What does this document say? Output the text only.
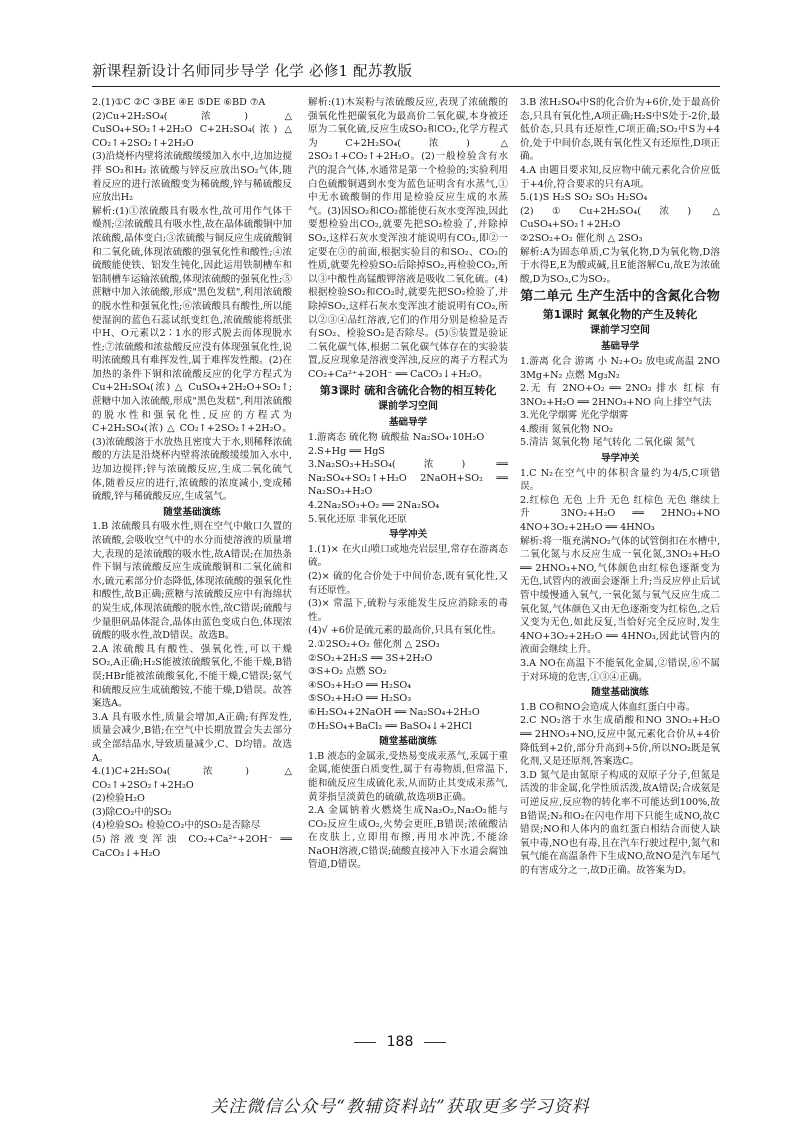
新课程新设计名师同步导学 化学 必修1 配苏教版

2.(1)①C ②C ③BE ④E ⑤DE ⑥BD ⑦A

(2)Cu+2H₂SO₄(浓) △ CuSO₄+SO₂↑+2H₂O C+2H₂SO₄(浓) △ CO₂↑+2SO₂↑+2H₂O

(3)沿烧杯内壁将浓硫酸缓缓加入水中,边加边搅拌 SO₂和H₂ 浓硫酸与锌反应放出SO₂气体,随着反应的进行浓硫酸变为稀硫酸,锌与稀硫酸反应放出H₂

解析:(1)①浓硫酸具有吸水性,故可用作气体干燥剂;②浓硫酸具有吸水性,故在晶体硫酸铜中加浓硫酸,晶体变白;③浓硫酸与铜反应生成硫酸铜和二氧化硫,体现浓硫酸的强氧化性和酸性;④浓硫酸能使铁、铝发生钝化,因此运用铁制槽车和铝制槽车运输浓硫酸,体现浓硫酸的强氧化性;⑤蔗糖中加入浓硫酸,形成"黑色发糕",利用浓硫酸的脱水性和强氧化性;⑥浓硫酸具有酸性,所以能使湿润的蓝色石蕊试纸变红色,浓硫酸能将纸张中H、O元素以2∶1水的形式脱去而体现脱水性;⑦浓硫酸和浓盐酸反应没有体现强氧化性,说明浓硫酸具有难挥发性,属于难挥发性酸。(2)在加热的条件下铜和浓硫酸反应的化学方程式为Cu+2H₂SO₄(浓) △ CuSO₄+2H₂O+SO₂↑;蔗糖中加入浓硫酸,形成"黑色发糕",利用浓硫酸的脱水性和强氧化性,反应的方程式为C+2H₂SO₄(浓) △ CO₂↑+2SO₂↑+2H₂O。(3)浓硫酸溶于水放热且密度大于水,则稀释浓硫酸的方法是沿烧杯内壁将浓硫酸缓缓加入水中,边加边搅拌;锌与浓硫酸反应,生成二氧化硫气体,随着反应的进行,浓硫酸的浓度减小,变成稀硫酸,锌与稀硫酸反应,生成氢气。

随堂基础演练

1.B 浓硫酸具有吸水性,则在空气中敞口久置的浓硫酸,会吸收空气中的水分而使溶液的质量增大,表现的是浓硫酸的吸水性,故A错误;在加热条件下铜与浓硫酸反应生成硫酸铜和二氧化硫和水,硫元素部分价态降低,体现浓硫酸的强氧化性和酸性,故B正确;蔗糖与浓硫酸反应中有海绵状的炭生成,体现浓硫酸的脱水性,故C错误;硫酸与少量胆矾晶体混合,晶体由蓝色变成白色,体现浓硫酸的吸水性,故D错误。故选B。

2.A 浓硫酸具有酸性、强氧化性,可以干燥SO₂,A正确;H₂S能被浓硫酸氧化,不能干燥,B错误;HBr能被浓硫酸氧化,不能干燥,C错误;氨气和硫酸反应生成硫酸铵,不能干燥,D错误。故答案选A。

3.A 具有吸水性,质量会增加,A正确;有挥发性,质量会减少,B错;在空气中长期放置会失去部分或全部结晶水,导致质量减少,C、D均错。故选A。

4.(1)C+2H₂SO₄(浓) △ CO₂↑+2SO₂↑+2H₂O

(2)检验H₂O

(3)除CO₂中的SO₂

(4)检验SO₂ 检验CO₂中的SO₂是否除尽

(5)溶液变浑浊 CO₂+Ca²⁺+2OH⁻ ══ CaCO₃↓+H₂O

解析:(1)木炭粉与浓硫酸反应,表现了浓硫酸的强氧化性把碳氧化为最高价二氧化碳,本身被还原为二氧化硫,反应生成SO₂和CO₂,化学方程式为C+2H₂SO₄(浓) △ 2SO₂↑+CO₂↑+2H₂O。(2)一般检验含有水汽的混合气体,水通常是第一个检验的;实验利用白色硫酸铜遇到水变为蓝色证明含有水蒸气,①中无水硫酸铜的作用是检验反应生成的水蒸气。(3)因SO₂和CO₂都能使石灰水变浑浊,因此要想检验出CO₂,就要先把SO₂检验了,并除掉SO₂,这样石灰水变浑浊才能说明有CO₂,即②一定要在③的前面,根据实验目的和SO₂、CO₂的性质,就要先检验SO₂后除掉SO₂,再检验CO₂,所以③中酸性高锰酸钾溶液是吸收二氧化硫。(4)根据检验SO₂和CO₂时,就要先把SO₂检验了,并除掉SO₂,这样石灰水变浑浊才能说明有CO₂,所以②③④品红溶液,它们的作用分别是检验是否有SO₂、检验SO₂是否除尽。(5)⑤装置是验证二氧化碳气体,根据二氧化碳气体存在的实验装置,反应现象是溶液变浑浊,反应的离子方程式为CO₂+Ca²⁺+2OH⁻ ══ CaCO₃↓+H₂O。

第3课时 硫和含硫化合物的相互转化

课前学习空间

基础导学

1.游离态 硫化物 硫酸盐 Na₂SO₄·10H₂O

2.S+Hg ══ HgS

3.Na₂SO₃+H₂SO₄(浓) ══ Na₂SO₄+SO₂↑+H₂O 2NaOH+SO₂ ══ Na₂SO₃+H₂O

4.2Na₂SO₃+O₂ ══ 2Na₂SO₄

5.氧化还原 非氧化还原

导学冲关

1.(1)× 在火山喷口或地壳岩层里,常存在游离态硫。

(2)× 硫的化合价处于中间价态,既有氧化性,又有还原性。

(3)× 常温下,硫粉与汞能发生反应消除汞的毒性。

(4)√ +6价是硫元素的最高价,只具有氧化性。

2.①2SO₂+O₂ 催化剂 △ 2SO₃

②SO₂+2H₂S ══ 3S+2H₂O

③S+O₂ 点燃 SO₂

④SO₃+H₂O ══ H₂SO₄

⑤SO₂+H₂O ══ H₂SO₃

⑥H₂SO₄+2NaOH ══ Na₂SO₄+2H₂O

⑦H₂SO₄+BaCl₂ ══ BaSO₄↓+2HCl

随堂基础演练

1.B 液态的金属汞,受热易变成汞蒸气,汞属于重金属,能使蛋白质变性,属于有毒物质,但常温下,能和硫反应生成硫化汞,从而防止其变成汞蒸气,黄芽指呈淡黄色的硫磺,故选项B正确。

2.A 金属钠着火燃烧生成Na₂O₂,Na₂O₂能与CO₂反应生成O₂,火势会更旺,B错误;浓硫酸沾在皮肤上,立即用布擦,再用水冲洗,不能涂NaOH溶液,C错误;硫酸直接冲入下水道会腐蚀管道,D错误。

3.B 浓H₂SO₄中S的化合价为+6价,处于最高价态,只具有氧化性,A项正确;H₂S中S处于-2价,最低价态,只具有还原性,C项正确;SO₂中S为+4价,处于中间价态,既有氧化性又有还原性,D项正确。

4.A 由题目要求知,反应物中硫元素化合价应低于+4价,符合要求的只有A项。

5.(1)S H₂S SO₂ SO₃ H₂SO₄

(2)①Cu+2H₂SO₄(浓) △ CuSO₄+SO₂↑+2H₂O

②2SO₂+O₂ 催化剂 △ 2SO₃

解析:A为固态单质,C为氧化物,D为氧化物,D溶于水得E,E为酸或碱,且E能溶解Cu,故E为浓硫酸,D为SO₃,C为SO₂。

第二单元 生产生活中的含氮化合物

第1课时 氮氧化物的产生及转化

课前学习空间

基础导学

1.游离 化合 游离 小 N₂+O₂ 放电或高温 2NO 3Mg+N₂ 点燃 Mg₃N₂

2.无 有 2NO+O₂ ══ 2NO₂ 排水 红棕 有 3NO₂+H₂O ══ 2HNO₃+NO 向上排空气法

3.光化学烟雾 光化学烟雾

4.酸雨 氮氧化物 NO₂

5.清洁 氮氧化物 尾气转化 二氧化碳 氮气

导学冲关

1.C N₂在空气中的体积含量约为4/5,C项错误。

2.红棕色 无色 上升 无色 红棕色 无色 继续上升 3NO₂+H₂O ══ 2HNO₃+NO 4NO+3O₂+2H₂O ══ 4HNO₃

解析:将一瓶充满NO₂气体的试管倒扣在水槽中,二氧化氮与水反应生成一氧化氮,3NO₂+H₂O ══ 2HNO₃+NO,气体颜色由红棕色逐渐变为无色,试管内的液面会逐渐上升;当反应停止后试管中缓慢通入氧气,一氧化氮与氧气反应生成二氧化氮,气体颜色又由无色逐渐变为红棕色,之后又变为无色,如此反复,当恰好完全反应时,发生4NO+3O₂+2H₂O ══ 4HNO₃,因此试管内的液面会继续上升。

3.A NO在高温下不能氧化金属,②错误,⑥不属于对环境的危害,①③④正确。

随堂基础演练

1.B CO和NO会造成人体血红蛋白中毒。

2.C NO₂溶于水生成硝酸和NO 3NO₂+H₂O ══ 2HNO₃+NO,反应中氮元素化合价从+4价降低到+2价,部分升高到+5价,所以NO₂既是氧化剂,又是还原剂,答案选C。

3.D 氮气是由氮原子构成的双原子分子,但氮是活泼的非金属,化学性质活泼,故A错误;合成氨是可逆反应,反应物的转化率不可能达到100%,故B错误;N₂和O₂在闪电作用下只能生成NO,故C错误;NO和人体内的血红蛋白相结合而使人缺氧中毒,NO也有毒,且在汽车行驶过程中,氮气和氧气能在高温条件下生成NO,故NO是汽车尾气的有害成分之一,故D正确。故答案为D。

188
关注微信公众号“教辅资料站”获取更多学习资料
